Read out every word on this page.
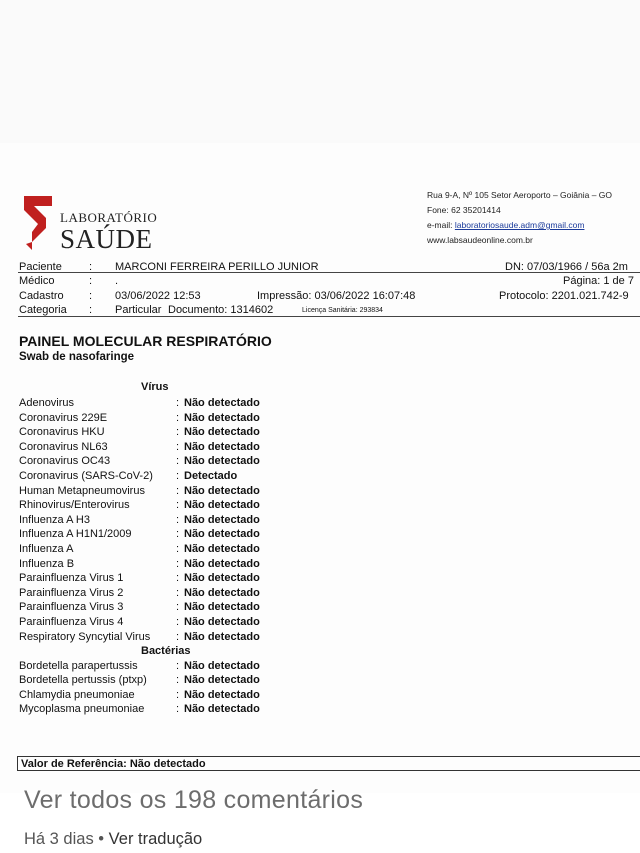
LABORATÓRIO
SAÚDE
Rua 9-A, Nº 105 Setor Aeroporto – Goiânia – GO
Fone: 62 35201414
e-mail: laboratoriosaude.adm@gmail.com
www.labsaudeonline.com.br
Paciente : MARCONI FERREIRA PERILLO JUNIOR	DN: 07/03/1966 / 56a 2m
Médico	: .	Página: 1 de 7
Cadastro : 03/06/2022 12:53	Impressão: 03/06/2022 16:07:48	Protocolo: 2201.021.742-9
Categoria : Particular Documento: 1314602	Licença Sanitária: 293834
PAINEL MOLECULAR RESPIRATÓRIO
Swab de nasofaringe
Vírus
Adenovirus	: Não detectado
Coronavirus 229E	: Não detectado
Coronavirus HKU	: Não detectado
Coronavirus NL63	: Não detectado
Coronavirus OC43	: Não detectado
Coronavirus (SARS-CoV-2) : Detectado
Human Metapneumovirus	: Não detectado
Rhinovirus/Enterovirus	: Não detectado
Influenza A H3	: Não detectado
Influenza A H1N1/2009	: Não detectado
Influenza A	: Não detectado
Influenza B	: Não detectado
Parainfluenza Virus 1	: Não detectado
Parainfluenza Virus 2	: Não detectado
Parainfluenza Virus 3	: Não detectado
Parainfluenza Virus 4	: Não detectado
Respiratory Syncytial Virus : Não detectado
Bactérias
Bordetella parapertussis	: Não detectado
Bordetella pertussis (ptxp)	: Não detectado
Chlamydia pneumoniae	: Não detectado
Mycoplasma pneumoniae	: Não detectado
Valor de Referência: Não detectado
Ver todos os 198 comentários
Há 3 dias • Ver tradução
